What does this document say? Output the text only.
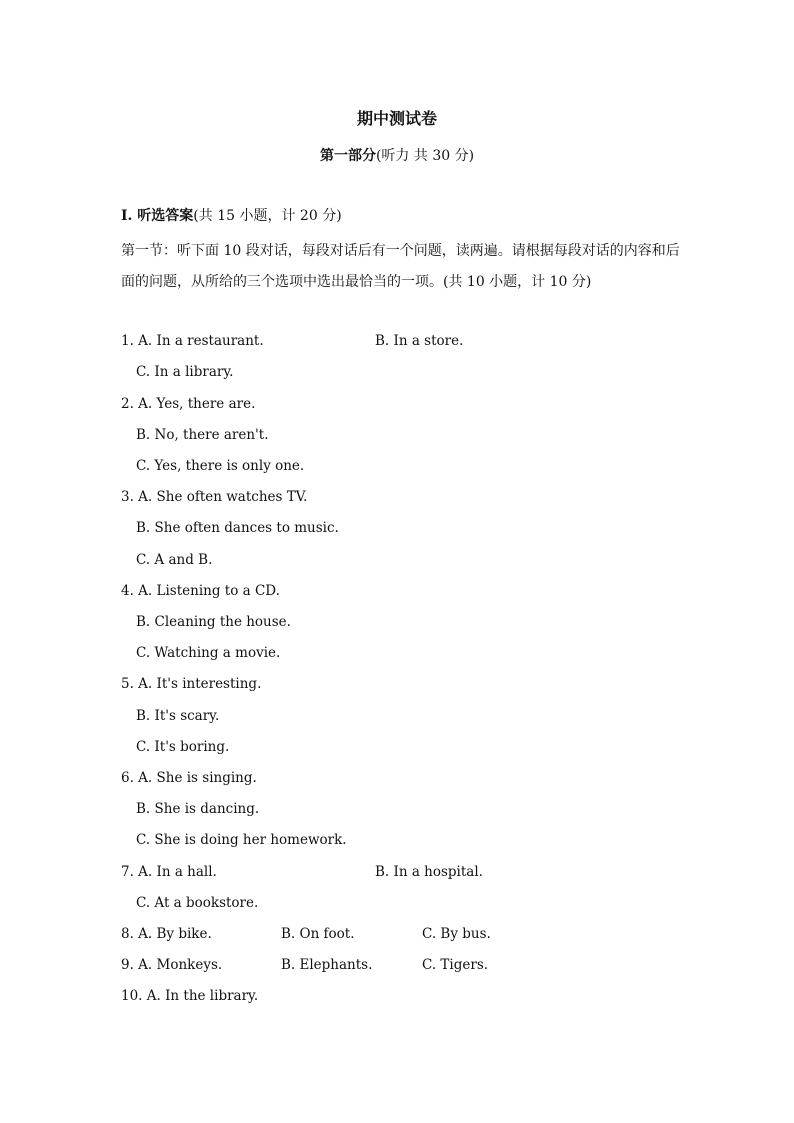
期中测试卷
第一部分(听力 共 30 分)
Ⅰ. 听选答案(共 15 小题，计 20 分)
第一节：听下面 10 段对话，每段对话后有一个问题，读两遍。请根据每段对话的内容和后面的问题，从所给的三个选项中选出最恰当的一项。(共 10 小题，计 10 分)
1. A. In a restaurant.	B. In a store.
C. In a library.
2. A. Yes, there are.
B. No, there aren't.
C. Yes, there is only one.
3. A. She often watches TV.
B. She often dances to music.
C. A and B.
4. A. Listening to a CD.
B. Cleaning the house.
C. Watching a movie.
5. A. It's interesting.
B. It's scary.
C. It's boring.
6. A. She is singing.
B. She is dancing.
C. She is doing her homework.
7. A. In a hall.	B. In a hospital.
C. At a bookstore.
8. A. By bike.	B. On foot.	C. By bus.
9. A. Monkeys.	B. Elephants.	C. Tigers.
10. A. In the library.
